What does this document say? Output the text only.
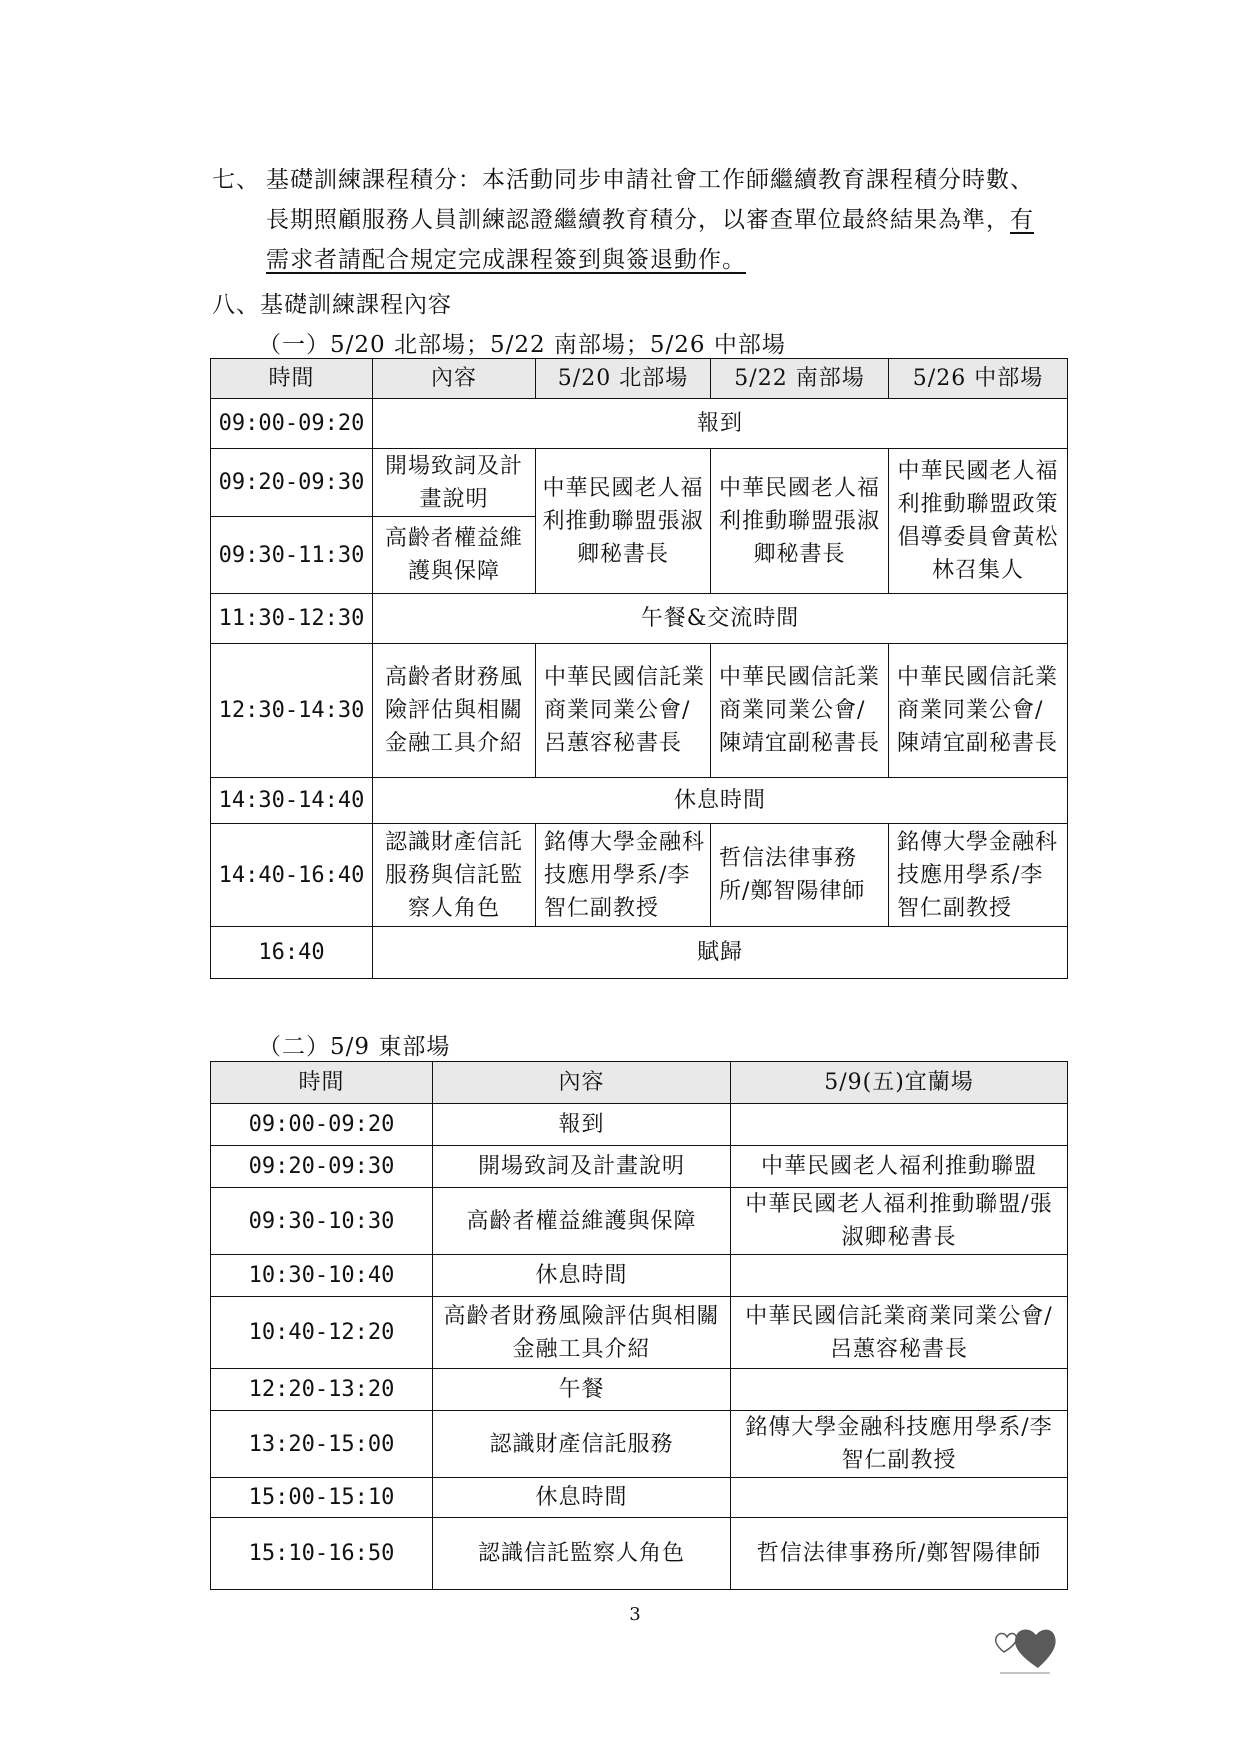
七、 基礎訓練課程積分：本活動同步申請社會工作師繼續教育課程積分時數、
長期照顧服務人員訓練認證繼續教育積分，以審查單位最終結果為準，有
需求者請配合規定完成課程簽到與簽退動作。
八、基礎訓練課程內容
（一）5/20 北部場；5/22 南部場；5/26 中部場
時間	內容	5/20 北部場	5/22 南部場	5/26 中部場
09:00-09:20	報到			
09:20-09:30	開場致詞及計畫說明	中華民國老人福利推動聯盟張淑卿秘書長	中華民國老人福利推動聯盟張淑卿秘書長	中華民國老人福利推動聯盟政策倡導委員會黃松林召集人
09:30-11:30	高齡者權益維護與保障			
11:30-12:30	午餐&交流時間			
12:30-14:30	高齡者財務風險評估與相關金融工具介紹	中華民國信託業商業同業公會/呂蕙容秘書長	中華民國信託業商業同業公會/陳靖宜副秘書長	中華民國信託業商業同業公會/陳靖宜副秘書長
14:30-14:40	休息時間			
14:40-16:40	認識財產信託服務與信託監察人角色	銘傳大學金融科技應用學系/李智仁副教授	哲信法律事務所/鄭智陽律師	銘傳大學金融科技應用學系/李智仁副教授
16:40	賦歸			
（二）5/9 東部場
時間	內容	5/9(五)宜蘭場
09:00-09:20	報到	
09:20-09:30	開場致詞及計畫說明	中華民國老人福利推動聯盟
09:30-10:30	高齡者權益維護與保障	中華民國老人福利推動聯盟/張淑卿秘書長
10:30-10:40	休息時間	
10:40-12:20	高齡者財務風險評估與相關金融工具介紹	中華民國信託業商業同業公會/呂蕙容秘書長
12:20-13:20	午餐	
13:20-15:00	認識財產信託服務	銘傳大學金融科技應用學系/李智仁副教授
15:00-15:10	休息時間	
15:10-16:50	認識信託監察人角色	哲信法律事務所/鄭智陽律師
3
